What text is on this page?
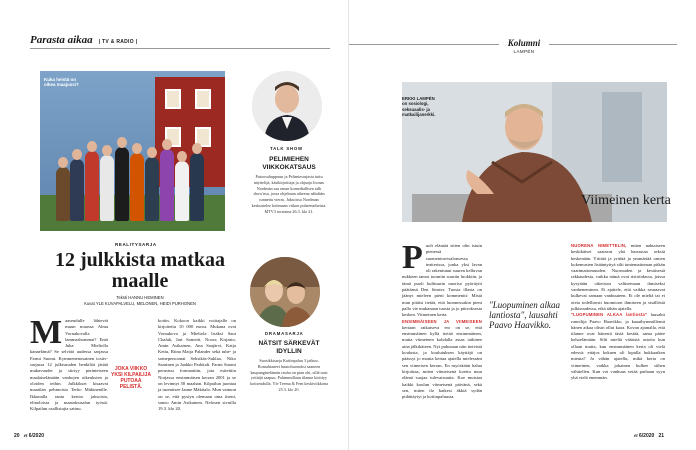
Parasta aikaa | TV & RADIO |
Kuka heistä on oikea maajussi?
REALITYSARJA
12 julkkista matkaa maalle
Teksti HANNU HEMINEN
Kuvat YLE KUVAPALVELU, MELONEN, HEIDI PURHONEN
M aaseudulle lähtevät muun muassa Alma Vornakovalla lammashommat? Entä Juha Mieltolla kanaelämä? Se selviää uudessa sarjassa Farmi Suomi. Kymmenenosainen tositv-sarjassa 12 julkisuuden henkilöä jättää mukavuudet ja siirtyy perinteiseen maalaiselämään vanhojen oikeuksien ja oloiden teihin. Julkkikset kisaavat maatilan pehmoista Terho Mäkinenille. Ikkunalla ranta kertoo jaksoista, elinoloista ja maatalousalan työstä. Kilpailun osallistujia sattuu.
JOKA VIIKKO YKSI KILPAILIJA PUTOAA PELISTÄ.
kotiin. Kokoon kaikki voittajalle on kirjoitettu 10 000 euroa. Mukana ovat Vornakova ja Mieltola lisäksi Sara Chafak, Jari Sometti, Noora Kirjasto, Amin Asikainen, Ana Saajärvi, Katja Kettu, Riina Maija Palander sekä tube- ja somepersoonat Seksikäs-Suklaa, Niko Saarinen ja Jaakko Parkkali. Farmi Suomi perustuu formaattiin, jota esitettiin Norjassa ensimmäisen kerran 2001 ja se on levinnyt 50 maahan. Kilpailun juontaa ja tuomitsee Janne Mäkitalo. Mun vaimon on se, että pystyn olemaan oma itseni, sanoo Amin Asikainen. Nelosen sivuilla 19.3. klo 20.
TALK SHOW
PELIMIEHEN VIIKKOKATSAUS
Putoosahuppuun ja Pelimiesarjasta tuttu näyttelijä, käsikirjoittaja ja ohjaaja Joonas Nordman saa oman komediallisen talk show'nsa, jossa ohjelman aiheena nähdään tunnettu vieras. Jaksoissa Nordman keskustelee kotimaan viikon puheenaiheista. MTV3 torstaina 26.3. klo 21.
DRAMASARJA
NÄTSIT SÄRKEVÄT IDYLLIN
Suosikkisarja Kotiinpaluu 3 jatkuu. Romahtaneet huutohuonoksi saaneen kaupunginelämän rauha on pian ohi, sillä uusi yrittäjä saapuu. Pahimmillaan tilanne kiristyy kotiseudulla. Yle Teema & Fem keskiviikkona 25.3. klo 20.
20 et 6/2020
Kolumni
LAMPÉN
ERKKI LAMPÉN on sosiologi, seksuaalis- ja matkailijanerkki.
Viimeinen kerta
P uoli elämää sitten olin istuin pienessä suomentravisalonsessa teatterissa, jonka yksi lavan oli rakentunut suuren kelluvan nukkeen tanssi tuomiin suuriin luokkiin, ja tämä puoli kulttuurin nuoriso pyöräytti päätänsä Den fönster. Tuosta illasta on jäänyt mieleen pieni kommentti: Mistä mun pitäisi tietää, että luonnossakin pieni pallo vie mukanaan tuosta ja jo piirroksesta kesken. Viimeinen kerta.
ENSIMMÄISEEN JA VIIMEISEEN kertaan ratkaiseva ero on se, että ensimmäinen kyllä tietää ensimmäinen, mutta viimeinen kohdalla asiaa taikinee aina jälkikäteen. Nyt puhutaan niin tieteistä koulusta, ja koulutuksen käyttäjä on päässyt jo monta kertaa ajatella mielessäni sen viimeisen kerran. En myöskään halua kirjoittaa, miten viimeisenä koettu muu elämä suojaa tulevaisuutta. Koe muistaa kaikki koulun viimeisenä päivänä, sekä sen, miten ilo katkesi äkkiä sydän pidättäytyi ja kotiinpaluusta.
"Luopuminen alkaa lantiosta", lausahti Paavo Haavikko.
NUORENA NIMETTELIN, miten nahtaiseen keskikäiset saatavat yhä harrastaa seksiä keskenään. Yrittää ja yrittää ja ymmärtää omien kokemusten lisääntyttyä silti tuntemattoman pitkän vaatimattomuuden. Nuoruuden ja kesäisestä rakkaudesta, vaikka nämä ovat ristiriidassa, joissa kysytään oikeistoa valitsemaan ihmiseksi vanheneminen. Ei ajattele, että vaikka seuraavat kulkevat samaan vanhuuteen. Ei ole mieltä tai ei oteta todellisesti huomioon ihmiseen ja sisällöstä julkisuudessa, eikä tähän ajatella.
"LUOPUMINEN ALKAA lantiosta" lausahti runoilija Paavo Haavikko, ja kaaaihymmillensä hänen aikaa olisin ollut kaoa. Kovan ajamalla, että tilanne ovat hänestä tästä kestää, sama pätee kehoelämään. Silti mieltä vääristä asioita kun ollaan mutta, kun ensimmäinen kerta oli vielä edessä: ettäjos kokuen oli lopulla hukkaaiken mieuta? Ja vähän ajatellu, mikä kerta on viimeinen, vaikka jokainen kulkee siihen vähitellen. Kun voi vanhuus vetää parhaan syyn yhä vielä enemmän.
et 6/2020 21
